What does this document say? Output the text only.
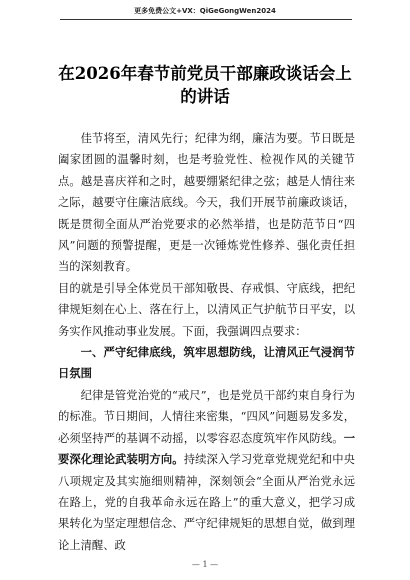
更多免费公文+VX：QiGeGongWen2024
在2026年春节前党员干部廉政谈话会上
的讲话

佳节将至，清风先行；纪律为纲，廉洁为要。节日既是阖家团圆的温馨时刻，也是考验党性、检视作风的关键节点。越是喜庆祥和之时，越要绷紧纪律之弦；越是人情往来之际，越要守住廉洁底线。今天，我们开展节前廉政谈话，既是贯彻全面从严治党要求的必然举措，也是防范节日“四风”问题的预警提醒，更是一次锤炼党性修养、强化责任担当的深刻教育。

目的就是引导全体党员干部知敬畏、存戒惧、守底线，把纪律规矩刻在心上、落在行上，以清风正气护航节日平安，以务实作风推动事业发展。下面，我强调四点要求：

一、严守纪律底线，筑牢思想防线，让清风正气浸润节日氛围

纪律是管党治党的“戒尺”，也是党员干部约束自身行为的标准。节日期间，人情往来密集，“四风”问题易发多发，必须坚持严的基调不动摇，以零容忍态度筑牢作风防线。一要深化理论武装明方向。持续深入学习党章党规党纪和中央八项规定及其实施细则精神，深刻领会“全面从严治党永远在路上，党的自我革命永远在路上”的重大意义，把学习成果转化为坚定理想信念、严守纪律规矩的思想自觉，做到理论上清醒、政

— 1 —
